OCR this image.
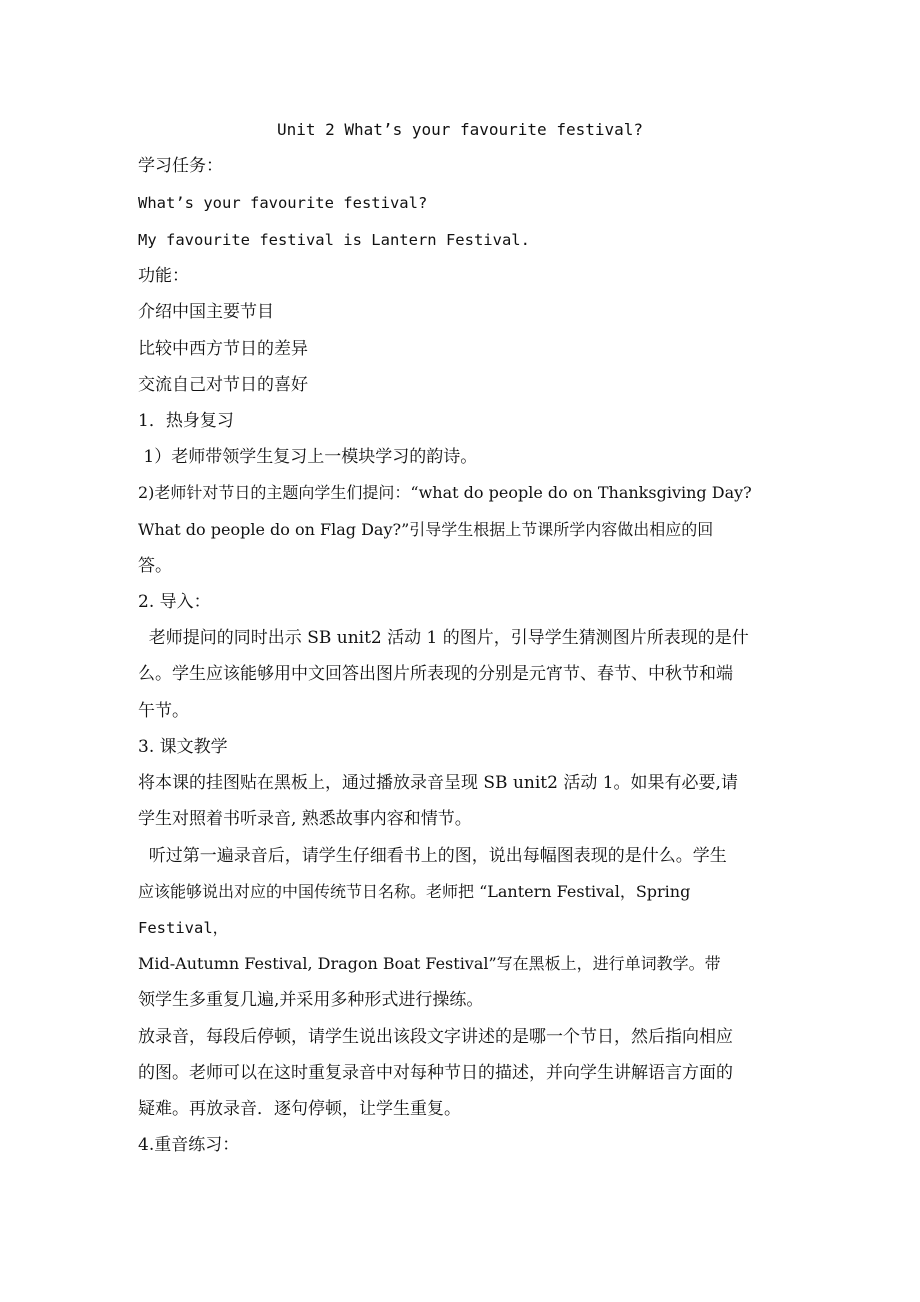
Unit 2 What’s your favourite festival?
学习任务：
What’s your favourite festival?
My favourite festival is Lantern Festival.
功能：
介绍中国主要节目
比较中西方节日的差异
交流自己对节日的喜好
1．热身复习
1）老师带领学生复习上一模块学习的韵诗。
2)老师针对节日的主题向学生们提问：“what do people do on Thanksgiving Day?
What do people do on Flag Day?”引导学生根据上节课所学内容做出相应的回
答。
2. 导入：
老师提问的同时出示 SB unit2 活动 1 的图片，引导学生猜测图片所表现的是什
么。学生应该能够用中文回答出图片所表现的分别是元宵节、春节、中秋节和端
午节。
3. 课文教学
将本课的挂图贴在黑板上，通过播放录音呈现 SB unit2 活动 1。如果有必要,请
学生对照着书听录音, 熟悉故事内容和情节。
听过第一遍录音后，请学生仔细看书上的图，说出每幅图表现的是什么。学生
应该能够说出对应的中国传统节日名称。老师把 “Lantern Festival，Spring
Festival，
Mid-Autumn Festival, Dragon Boat Festival”写在黑板上，进行单词教学。带
领学生多重复几遍,并采用多种形式进行操练。
放录音，每段后停顿，请学生说出该段文字讲述的是哪一个节日，然后指向相应
的图。老师可以在这时重复录音中对每种节日的描述，并向学生讲解语言方面的
疑难。再放录音．逐句停顿，让学生重复。
4.重音练习：
